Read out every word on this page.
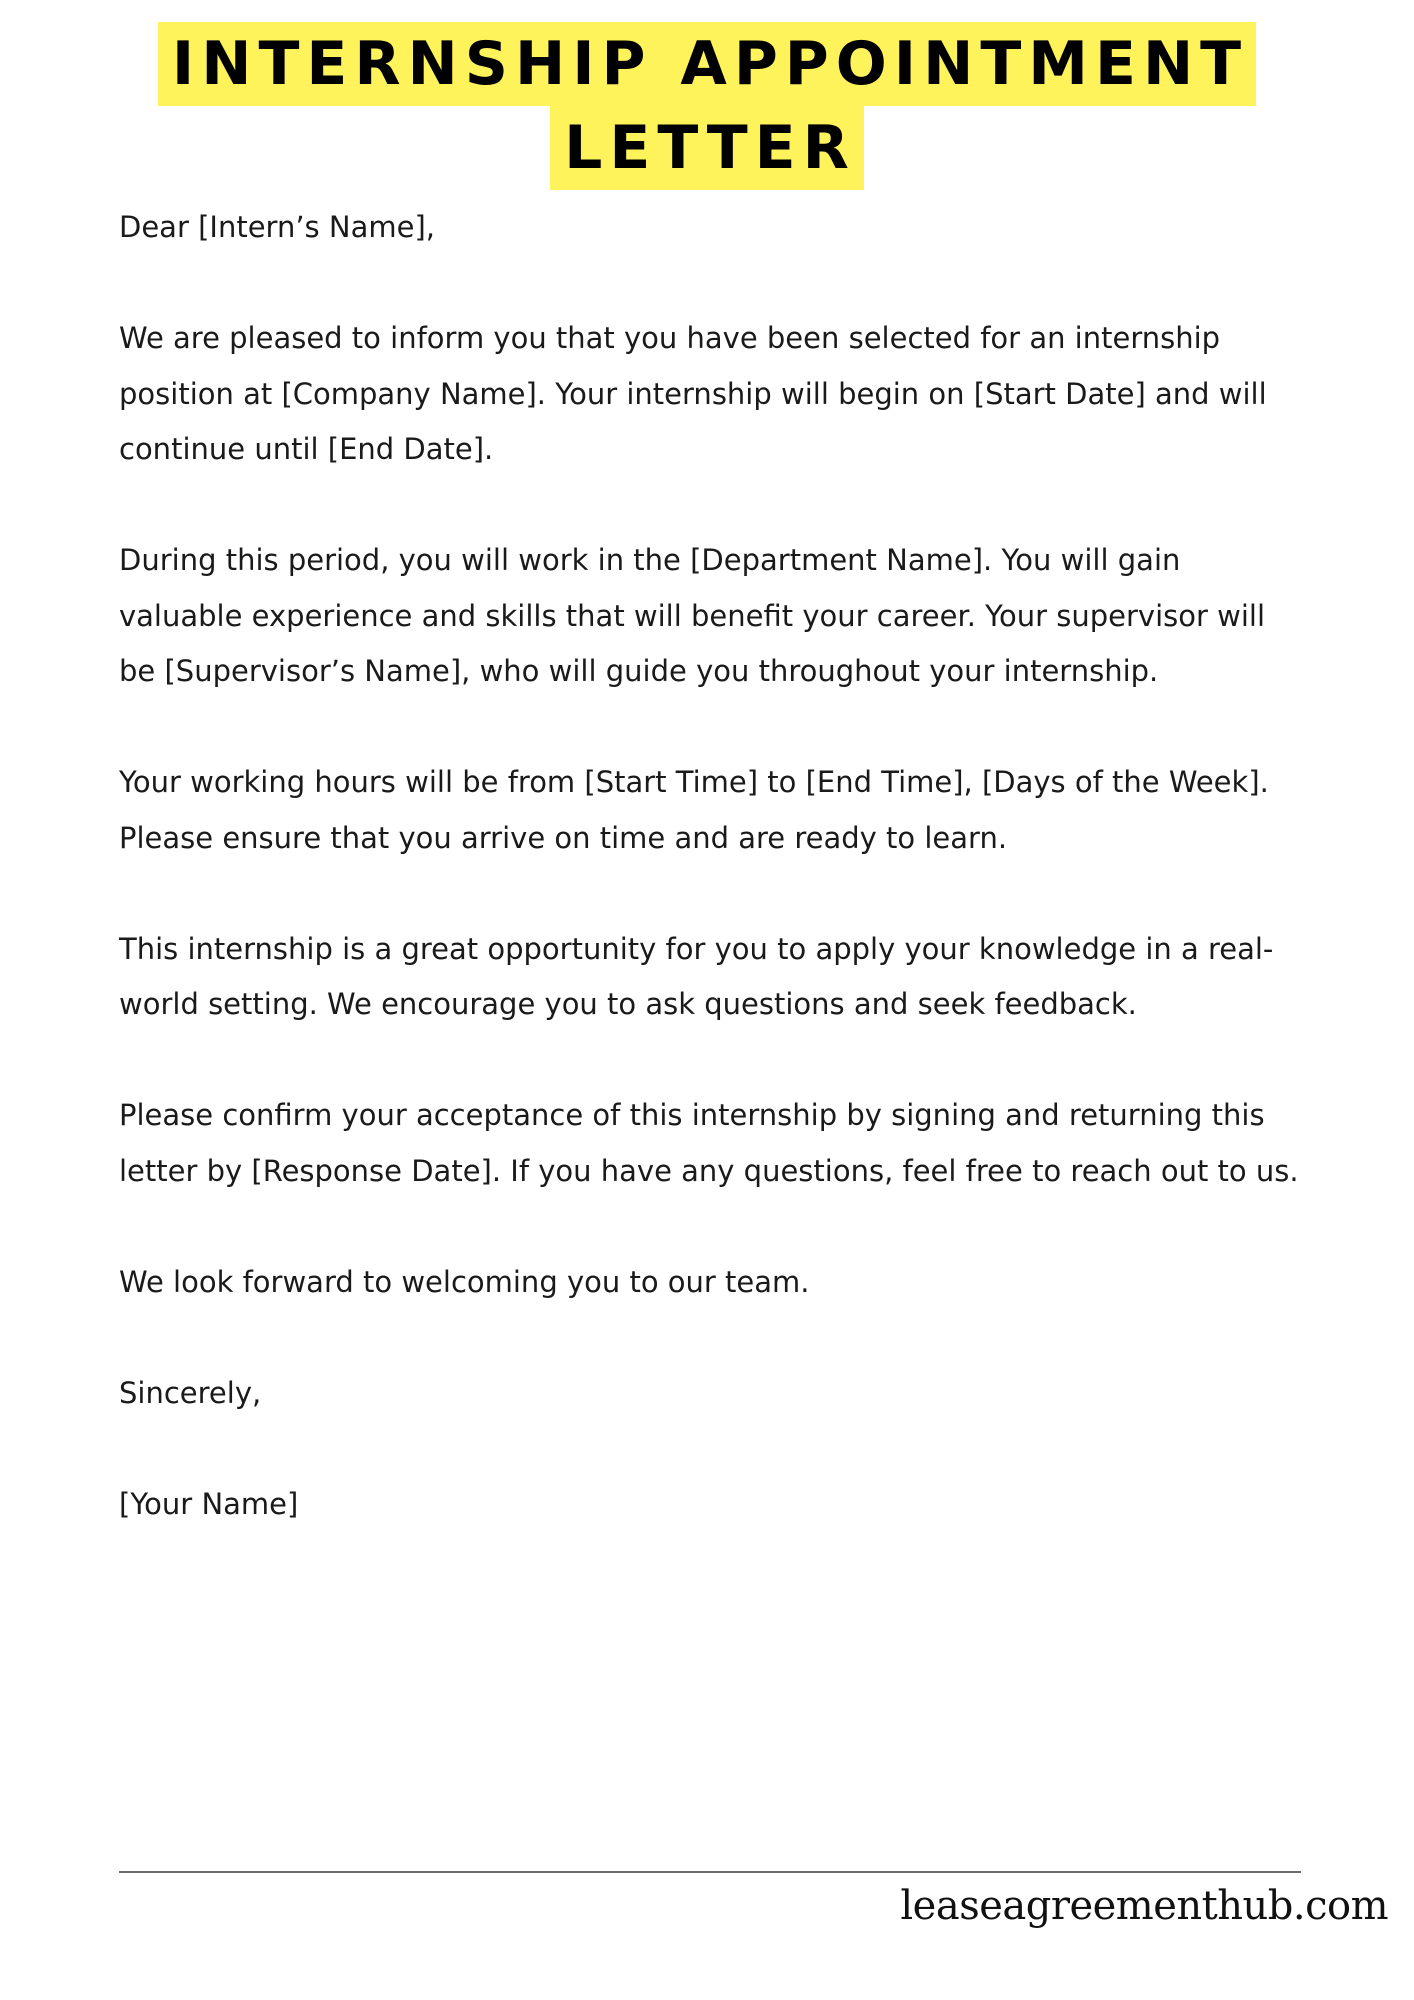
INTERNSHIP APPOINTMENT
LETTER

Dear [Intern’s Name],

We are pleased to inform you that you have been selected for an internship position at [Company Name]. Your internship will begin on [Start Date] and will continue until [End Date].

During this period, you will work in the [Department Name]. You will gain valuable experience and skills that will benefit your career. Your supervisor will be [Supervisor’s Name], who will guide you throughout your internship.

Your working hours will be from [Start Time] to [End Time], [Days of the Week]. Please ensure that you arrive on time and are ready to learn.

This internship is a great opportunity for you to apply your knowledge in a real-world setting. We encourage you to ask questions and seek feedback.

Please confirm your acceptance of this internship by signing and returning this letter by [Response Date]. If you have any questions, feel free to reach out to us.

We look forward to welcoming you to our team.

Sincerely,

[Your Name]

leaseagreementhub.com
